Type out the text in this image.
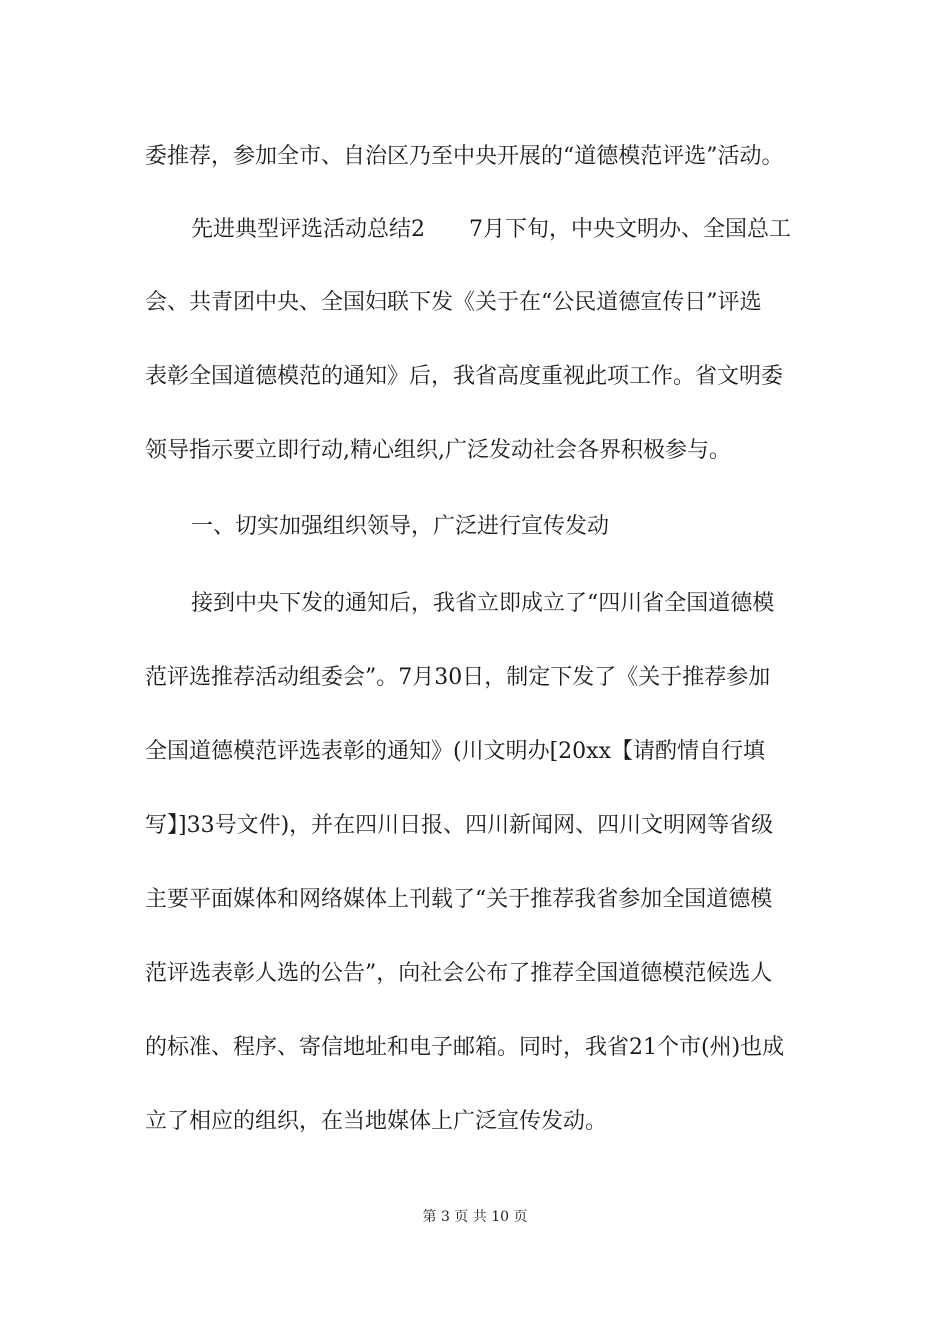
委推荐，参加全市、自治区乃至中央开展的“道德模范评选”活动。
先进典型评选活动总结2　　7月下旬，中央文明办、全国总工
会、共青团中央、全国妇联下发《关于在“公民道德宣传日”评选
表彰全国道德模范的通知》后，我省高度重视此项工作。省文明委
领导指示要立即行动,精心组织,广泛发动社会各界积极参与。
一、切实加强组织领导，广泛进行宣传发动
接到中央下发的通知后，我省立即成立了“四川省全国道德模
范评选推荐活动组委会”。7月30日，制定下发了《关于推荐参加
全国道德模范评选表彰的通知》(川文明办[20xx【请酌情自行填
写】]33号文件)，并在四川日报、四川新闻网、四川文明网等省级
主要平面媒体和网络媒体上刊载了“关于推荐我省参加全国道德模
范评选表彰人选的公告”，向社会公布了推荐全国道德模范候选人
的标准、程序、寄信地址和电子邮箱。同时，我省21个市(州)也成
立了相应的组织，在当地媒体上广泛宣传发动。
第 3 页 共 10 页
